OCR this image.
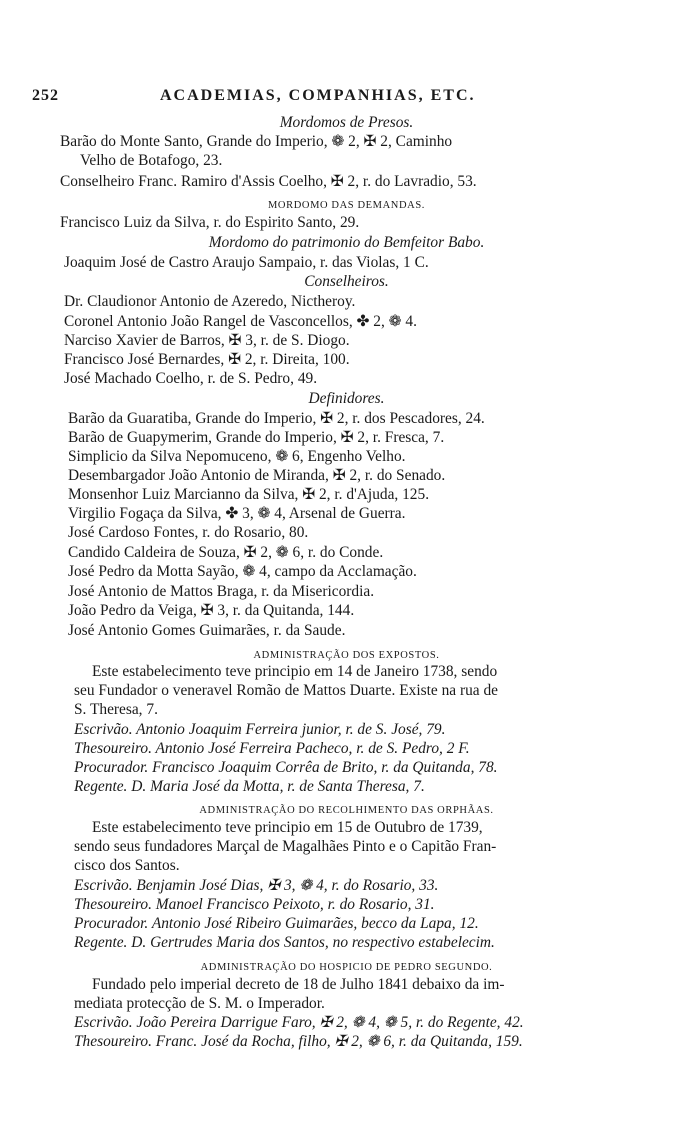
252	ACADEMIAS, COMPANHIAS, ETC.
Mordomos de Presos.
Barão do Monte Santo, Grande do Imperio, ❁ 2, ✠ 2, Caminho
Velho de Botafogo, 23.
Conselheiro Franc. Ramiro d'Assis Coelho, ✠ 2, r. do Lavradio, 53.
MORDOMO DAS DEMANDAS.
Francisco Luiz da Silva, r. do Espirito Santo, 29.
Mordomo do patrimonio do Bemfeitor Babo.
Joaquim José de Castro Araujo Sampaio, r. das Violas, 1 C.
Conselheiros.
Dr. Claudionor Antonio de Azeredo, Nictheroy.
Coronel Antonio João Rangel de Vasconcellos, ✤ 2, ❁ 4.
Narciso Xavier de Barros, ✠ 3, r. de S. Diogo.
Francisco José Bernardes, ✠ 2, r. Direita, 100.
José Machado Coelho, r. de S. Pedro, 49.
Definidores.
Barão da Guaratiba, Grande do Imperio, ✠ 2, r. dos Pescadores, 24.
Barão de Guapymerim, Grande do Imperio, ✠ 2, r. Fresca, 7.
Simplicio da Silva Nepomuceno, ❁ 6, Engenho Velho.
Desembargador João Antonio de Miranda, ✠ 2, r. do Senado.
Monsenhor Luiz Marcianno da Silva, ✠ 2, r. d'Ajuda, 125.
Virgilio Fogaça da Silva, ✤ 3, ❁ 4, Arsenal de Guerra.
José Cardoso Fontes, r. do Rosario, 80.
Candido Caldeira de Souza, ✠ 2, ❁ 6, r. do Conde.
José Pedro da Motta Sayão, ❁ 4, campo da Acclamação.
José Antonio de Mattos Braga, r. da Misericordia.
João Pedro da Veiga, ✠ 3, r. da Quitanda, 144.
José Antonio Gomes Guimarães, r. da Saude.
ADMINISTRAÇÃO DOS EXPOSTOS.
Este estabelecimento teve principio em 14 de Janeiro 1738, sendo
seu Fundador o veneravel Romão de Mattos Duarte. Existe na rua de
S. Theresa, 7.
Escrivão. Antonio Joaquim Ferreira junior, r. de S. José, 79.
Thesoureiro. Antonio José Ferreira Pacheco, r. de S. Pedro, 2 F.
Procurador. Francisco Joaquim Corrêa de Brito, r. da Quitanda, 78.
Regente. D. Maria José da Motta, r. de Santa Theresa, 7.
ADMINISTRAÇÃO DO RECOLHIMENTO DAS ORPHÃAS.
Este estabelecimento teve principio em 15 de Outubro de 1739,
sendo seus fundadores Marçal de Magalhães Pinto e o Capitão Fran-
cisco dos Santos.
Escrivão. Benjamin José Dias, ✠ 3, ❁ 4, r. do Rosario, 33.
Thesoureiro. Manoel Francisco Peixoto, r. do Rosario, 31.
Procurador. Antonio José Ribeiro Guimarães, becco da Lapa, 12.
Regente. D. Gertrudes Maria dos Santos, no respectivo estabelecim.
ADMINISTRAÇÃO DO HOSPICIO DE PEDRO SEGUNDO.
Fundado pelo imperial decreto de 18 de Julho 1841 debaixo da im-
mediata protecção de S. M. o Imperador.
Escrivão. João Pereira Darrigue Faro, ✠ 2, ❁ 4, ❁ 5, r. do Regente, 42.
Thesoureiro. Franc. José da Rocha, filho, ✠ 2, ❁ 6, r. da Quitanda, 159.
